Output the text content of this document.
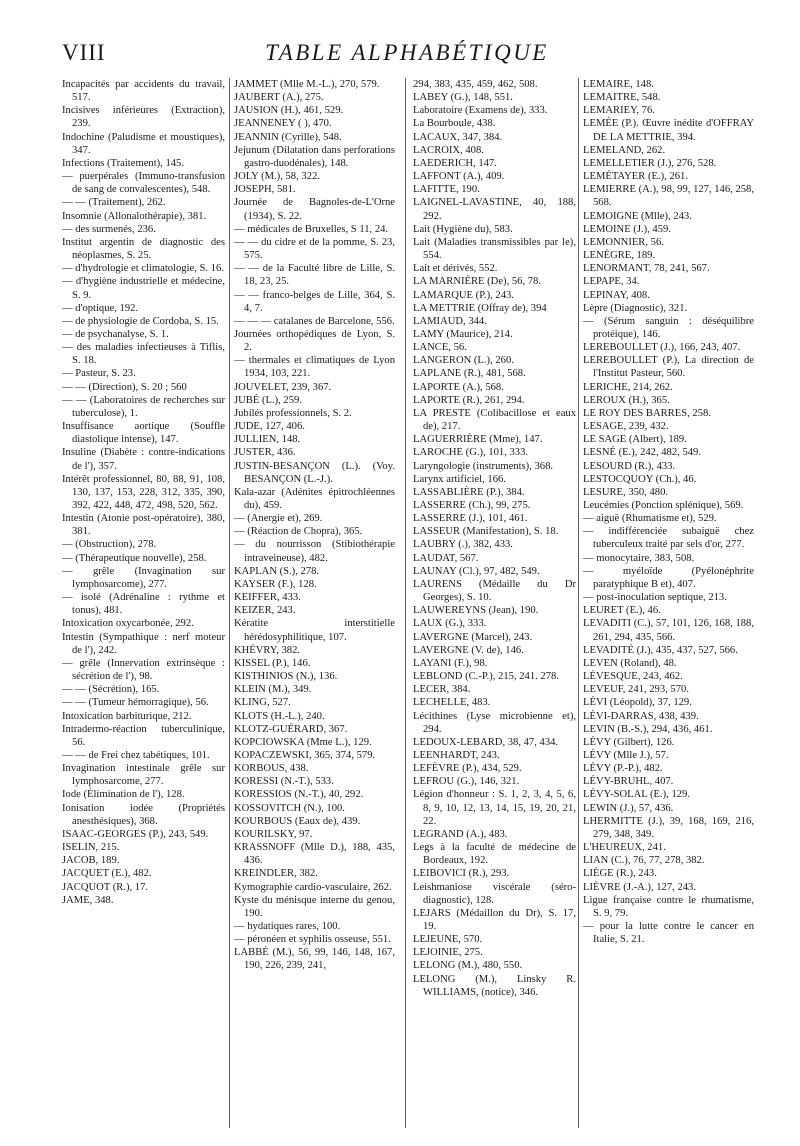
VIII	TABLE ALPHABÉTIQUE

Incapacités par accidents du travail, 517.

Incisives inférieures (Extraction), 239.

Indochine (Paludisme et moustiques), 347.

Infections (Traitement), 145.

— puerpérales (Immuno-transfusion de sang de convalescentes), 548.

— — (Traitement), 262.

Insomnie (Allonalothérapie), 381.

— des surmenés, 236.

Institut argentin de diagnostic des néoplasmes, S. 25.

— d'hydrologie et climatologie, S. 16.

— d'hygiène industrielle et médecine, S. 9.

— d'optique, 192.

— de physiologie de Cordoba, S. 15.

— de psychanalyse, S. 1.

— des maladies infectieuses à Tiflis, S. 18.

— Pasteur, S. 23.

— — (Direction), S. 20 ; 560

— — (Laboratoires de recherches sur tuberculose), 1.

Insuffisance aortique (Souffle diastolique intense), 147.

Insuline (Diabète : contre-indications de l'), 357.

Intérêt professionnel, 80, 88, 91, 108, 130, 137, 153, 228, 312, 335, 390, 392, 422, 448, 472, 498, 520, 562.

Intestin (Atonie post-opératoire), 380, 381.

— (Obstruction), 278.

— (Thérapeutique nouvelle), 258.

— grêle (Invagination sur lymphosarcome), 277.

— isolé (Adrénaline : rythme et tonus), 481.

Intoxication oxycarbonée, 292.

Intestin (Sympathique : nerf moteur de l'), 242.

— grêle (Innervation extrinsèque : sécrétion de l'), 98.

— — (Sécrétion), 165.

— — (Tumeur hémorragique), 56.

Intoxication barbiturique, 212.

Intradermo-réaction tuberculinique, 56.

— — de Frei chez tabétiques, 101.

Invagination intestinale grêle sur lymphosarcome, 277.

Iode (Élimination de l'), 128.

Ionisation iodée (Propriétés anesthésiques), 368.

ISAAC-GEORGES (P.), 243, 549.

ISELIN, 215.

JACOB, 189.

JACQUET (E.), 482.

JACQUOT (R.), 17.

JAME, 348.

JAMMET (Mlle M.-L.), 270, 579.

JAUBERT (A.), 275.

JAUSION (H.), 461, 529.

JEANNENEY ( ), 470.

JEANNIN (Cyrille), 548.

Jejunum (Dilatation dans perforations gastro-duodénales), 148.

JOLY (M.), 58, 322.

JOSEPH, 581.

Journée de Bagnoles-de-L'Orne (1934), S. 22.

— médicales de Bruxelles, S 11, 24.

— — du cidre et de la pomme, S. 23, 575.

— — de la Faculté libre de Lille, S. 18, 23, 25.

— — franco-belges de Lille, 364, S. 4, 7.

— — — catalanes de Barcelone, 556.

Journées orthopédiques de Lyon, S. 2.

— thermales et climatiques de Lyon 1934, 103, 221.

JOUVELET, 239, 367.

JUBÉ (L.), 259.

Jubilés professionnels, S. 2.

JUDE, 127, 406.

JULLIEN, 148.

JUSTER, 436.

JUSTIN-BESANÇON (L.). (Voy. BESANÇON (L.-J.).

Kala-azar (Adénites épitrochléennes du), 459.

— (Anergie et), 269.

— (Réaction de Chopra), 365.

— du nourrisson (Stibiothérapie intraveineuse), 482.

KAPLAN (S.), 278.

KAYSER (F.), 128.

KEIFFER, 433.

KEIZER, 243.

Kératite interstitielle hérédosyphilitique, 107.

KHÉVRY, 382.

KISSEL (P.), 146.

KISTHINIOS (N.), 136.

KLEIN (M.), 349.

KLING, 527.

KLOTS (H.-L.), 240.

KLOTZ-GUÉRARD, 367.

KOPCIOWSKA (Mme L.), 129.

KOPACZEWSKI, 365, 374, 579.

KORBOUS, 438.

KORESSI (N.-T.), 533.

KORESSIOS (N.-T.), 40, 292.

KOSSOVITCH (N.), 100.

KOURBOUS (Eaux de), 439.

KOURILSKY, 97.

KRASSNOFF (Mlle D.), 188, 435, 436.

KREINDLER, 382.

Kymographie cardio-vasculaire, 262.

Kyste du ménisque interne du genou, 190.

— hydatiques rares, 100.

— péronéen et syphilis osseuse, 551.

LABBÉ (M.), 56, 99, 146, 148, 167, 190, 226, 239, 241,

294, 383, 435, 459, 462, 508.

LABEY (G.), 148, 551.

Laboratoire (Examens de), 333.

La Bourboule, 438.

LACAUX, 347, 384.

LACROIX, 408.

LAEDERICH, 147.

LAFFONT (A.), 409.

LAFITTE, 190.

LAIGNEL-LAVASTINE, 40, 188, 292.

Lait (Hygiène du), 583.

Lait (Maladies transmissibles par le), 554.

Lait et dérivés, 552.

LA MARNIÈRE (De), 56, 78.

LAMARQUE (P.), 243.

LA METTRIE (Offray de), 394

LAMIAUD, 344.

LAMY (Maurice), 214.

LANCE, 56.

LANGERON (L.), 260.

LAPLANE (R.), 481, 568.

LAPORTE (A.), 568.

LAPORTE (R.), 261, 294.

LA PRESTE (Colibacillose et eaux de), 217.

LAGUERRIÈRE (Mme), 147.

LAROCHE (G.), 101, 333.

Laryngologie (instruments), 368.

Larynx artificiel, 166.

LASSABLIÈRE (P.), 384.

LASSERRE (Ch.), 99, 275.

LASSERRE (J.), 101, 461.

LASSEUR (Manifestation), S. 18.

LAUBRY (.), 382, 433.

LAUDAT, 567.

LAUNAY (Cl.), 97, 482, 549.

LAURENS (Médaille du Dr Georges), S. 10.

LAUWEREYNS (Jean), 190.

LAUX (G.), 333.

LAVERGNE (Marcel), 243.

LAVERGNE (V. de), 146.

LAYANI (F.), 98.

LEBLOND (C.-P.), 215, 241. 278.

LECER, 384.

LECHELLE, 483.

Lécithines (Lyse microbienne et), 294.

LEDOUX-LEBARD, 38, 47, 434.

LEENHARDT, 243.

LEFÈVRE (P.), 434, 529.

LEFROU (G.), 146, 321.

Légion d'honneur : S. 1, 2, 3, 4, 5, 6, 8, 9, 10, 12, 13, 14, 15, 19, 20, 21, 22.

LEGRAND (A.), 483.

Legs à la faculté de médecine de Bordeaux, 192.

LEIBOVICI (R.), 293.

Leishmaniose viscérale (séro-diagnostic), 128.

LEJARS (Médaillon du Dr), S. 17, 19.

LEJEUNE, 570.

LEJOINIE, 275.

LELONG (M.), 480, 550.

LELONG (M.), Linsky R. WILLIAMS, (notice), 346.

LEMAIRE, 148.

LEMAITRE, 548.

LEMARIEY, 76.

LEMÉE (P.). Œuvre inédite d'OFFRAY DE LA METTRIE, 394.

LEMELAND, 262.

LEMELLETIER (J.), 276, 528.

LEMÉTAYER (E.), 261.

LEMIERRE (A.), 98, 99, 127, 146, 258, 568.

LEMOIGNE (Mlle), 243.

LEMOINE (J.), 459.

LEMONNIER, 56.

LENÈGRE, 189.

LENORMANT, 78, 241, 567.

LEPAPE, 34.

LEPINAY, 408.

Lèpre (Diagnostic), 321.

— (Sérum sanguin : déséquilibre protéique), 146.

LEREBOULLET (J.), 166, 243, 407.

LEREBOULLET (P.), La direction de l'Institut Pasteur, 560.

LERICHE, 214, 262.

LEROUX (H.), 365.

LE ROY DES BARRES, 258.

LESAGE, 239, 432.

LE SAGE (Albert), 189.

LESNÉ (E.), 242, 482, 549.

LESOURD (R.), 433.

LESTOCQUOY (Ch.), 46.

LESURE, 350, 480.

Leucémies (Ponction splénique), 569.

— aiguë (Rhumatisme et), 529.

— indifférenciée subaiguë chez tuberculeux traité par sels d'or, 277.

— monocytaire, 383, 508.

— myéloïde (Pyélonéphrite paratyphique B et), 407.

— post-inoculation septique, 213.

LEURET (E.), 46.

LEVADITI (C.), 57, 101, 126, 168, 188, 261, 294, 435, 566.

LEVADITÉ (J.), 435, 437, 527, 566.

LEVEN (Roland), 48.

LÉVESQUE, 243, 462.

LEVEUF, 241, 293, 570.

LÉVI (Léopold), 37, 129.

LÉVI-DARRAS, 438, 439.

LEVIN (B.-S.), 294, 436, 461.

LÉVY (Gilbert), 126.

LÉVY (Mlle J.), 57.

LÉVY (P.-P.), 482.

LÉVY-BRUHL, 407.

LÉVY-SOLAL (E.), 129.

LEWIN (J.), 57, 436.

LHERMITTE (J.), 39, 168, 169, 216, 279, 348, 349.

L'HEUREUX, 241.

LIAN (C.), 76, 77, 278, 382.

LIÈGE (R.), 243.

LIÈVRE (J.-A.), 127, 243.

Ligue française contre le rhumatisme, S. 9, 79.

— pour la lutte contre le cancer en Italie, S. 21.
